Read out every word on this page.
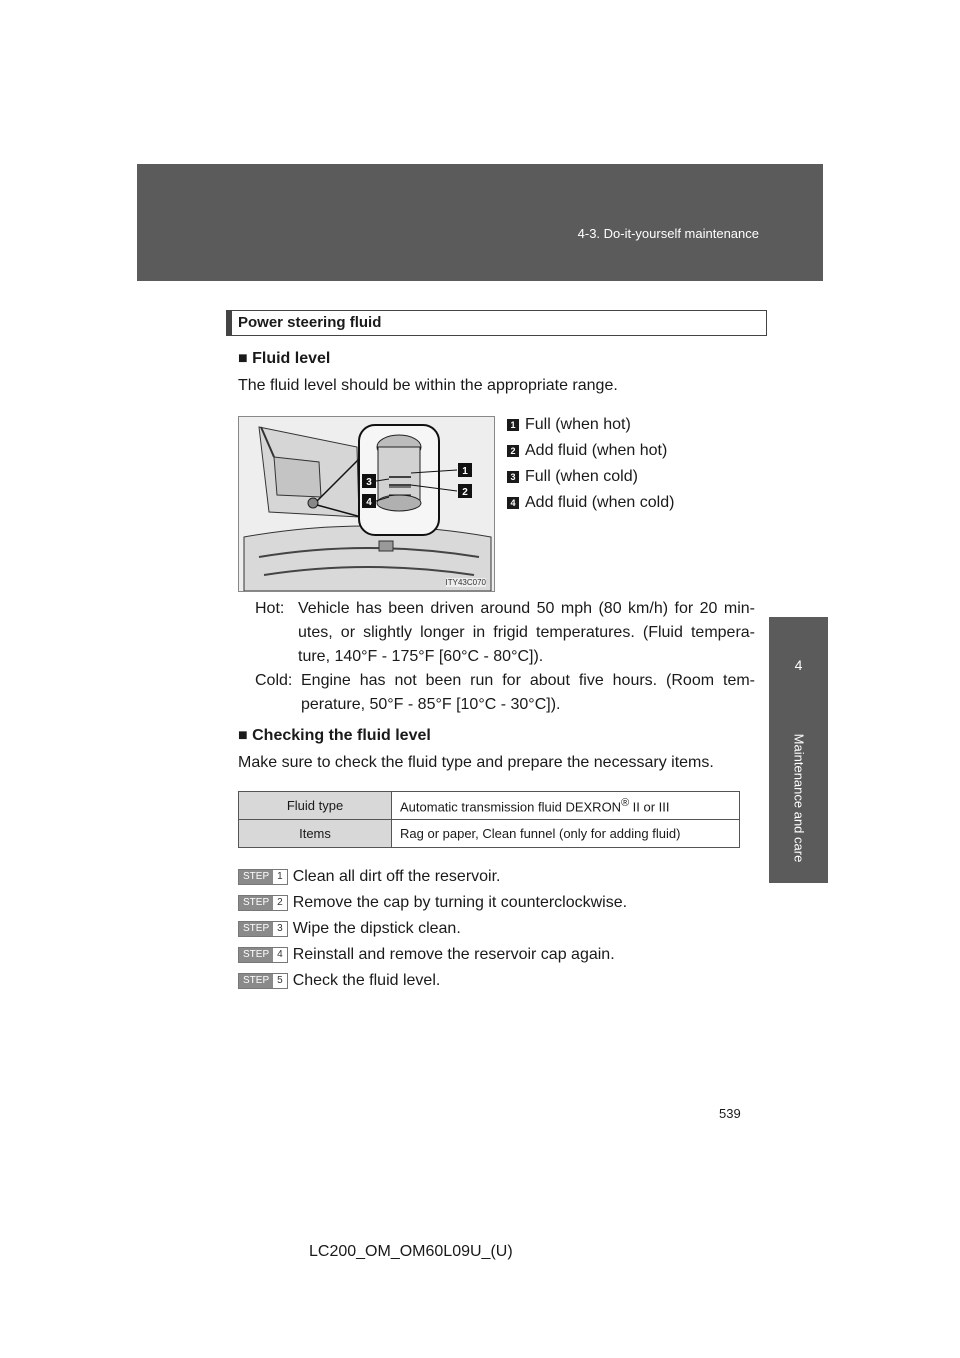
4-3. Do-it-yourself maintenance
4
Maintenance and care
Power steering fluid
■ Fluid level
The fluid level should be within the appropriate range.
1
2
3
4
ITY43C070
1 Full (when hot)
2 Add fluid (when hot)
3 Full (when cold)
4 Add fluid (when cold)
Hot: Vehicle has been driven around 50 mph (80 km/h) for 20 min-
utes, or slightly longer in frigid temperatures. (Fluid tempera-
ture, 140°F - 175°F [60°C - 80°C]).
Cold: Engine has not been run for about five hours. (Room tem-
perature, 50°F - 85°F [10°C - 30°C]).
■ Checking the fluid level
Make sure to check the fluid type and prepare the necessary items.
Fluid type	Automatic transmission fluid DEXRON® II or III
Items	Rag or paper, Clean funnel (only for adding fluid)
STEP 1 Clean all dirt off the reservoir.
STEP 2 Remove the cap by turning it counterclockwise.
STEP 3 Wipe the dipstick clean.
STEP 4 Reinstall and remove the reservoir cap again.
STEP 5 Check the fluid level.
539
LC200_OM_OM60L09U_(U)
